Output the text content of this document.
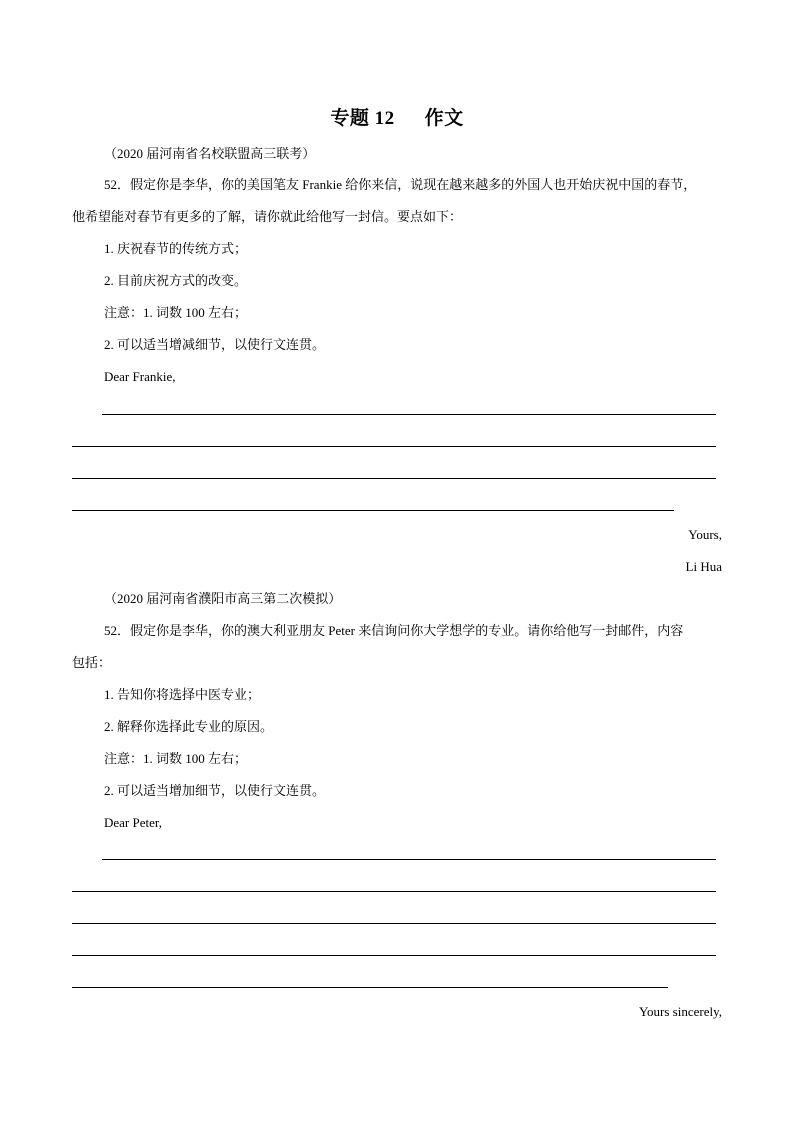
专题 12 作文
（2020 届河南省名校联盟高三联考）
52．假定你是李华，你的美国笔友 Frankie 给你来信，说现在越来越多的外国人也开始庆祝中国的春节，
他希望能对春节有更多的了解，请你就此给他写一封信。要点如下：
1. 庆祝春节的传统方式；
2. 目前庆祝方式的改变。
注意：1. 词数 100 左右；
2. 可以适当增减细节，以使行文连贯。
Dear Frankie,
Yours,
Li Hua
（2020 届河南省濮阳市高三第二次模拟）
52．假定你是李华，你的澳大利亚朋友 Peter 来信询问你大学想学的专业。请你给他写一封邮件，内容
包括：
1. 告知你将选择中医专业；
2. 解释你选择此专业的原因。
注意：1. 词数 100 左右；
2. 可以适当增加细节，以使行文连贯。
Dear Peter,
Yours sincerely,
